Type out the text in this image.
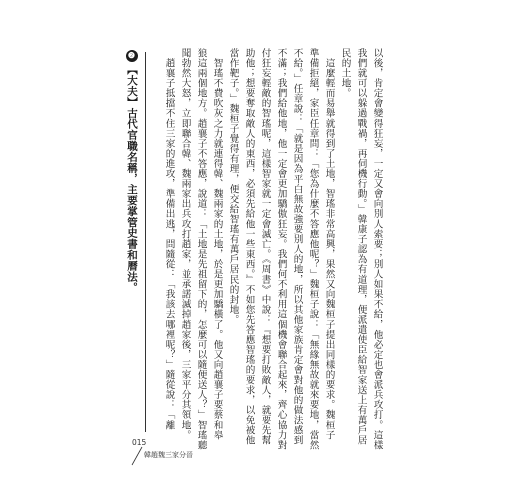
以後，肯定會變得狂妄，一定又會向別人索要；別人如果不給，他必定也會派兵攻打。這樣
我們就可以躲過戰禍，再伺機行動。」韓康子認為有道理，便派遣使臣給智家送上有萬戶居
民的土地。
　這麼輕而易舉就得到了土地，智瑤非常高興，果然又向魏桓子提出同樣的要求。魏桓子
準備拒絕，家臣任章問：「您為什麼不答應他呢？」魏桓子說：「無緣無故就來要地，當然
不給。」任章說：「就是因為平白無故強要別人的地，所以其他家族肯定會對他的做法感到
不滿；我們給他地，他一定會更加驕傲狂妄。我們何不利用這個機會聯合起來，齊心協力對
付狂妄輕敵的智瑤呢，這樣智家就一定會滅亡。《周書》中說：『想要打敗敵人，就要先幫
助他；想要奪取敵人的東西，必須先給他一些東西。』不如您先答應智瑤的要求，以免被他
當作靶子。」魏桓子覺得有理，便交給智瑤有萬戶居民的封地。
　智瑤不費吹灰之力就連得韓、魏兩家的土地，於是更加驕橫了。他又向趙襄子要蔡和皋
狼這兩個地方。趙襄子不答應，說道：「土地是先祖留下的，怎麼可以隨便送人？」智瑤聽
聞勃然大怒，立即聯合韓、魏兩家出兵攻打趙家，並承諾滅掉趙家後，三家平分其領地。
　趙襄子抵擋不住三家的進攻，準備出逃，問隨從：「我該去哪裡呢？」隨從說：「離
❷【大夫】古代官職名稱，主要掌管史書和曆法。
015
韓趙魏三家分晉
